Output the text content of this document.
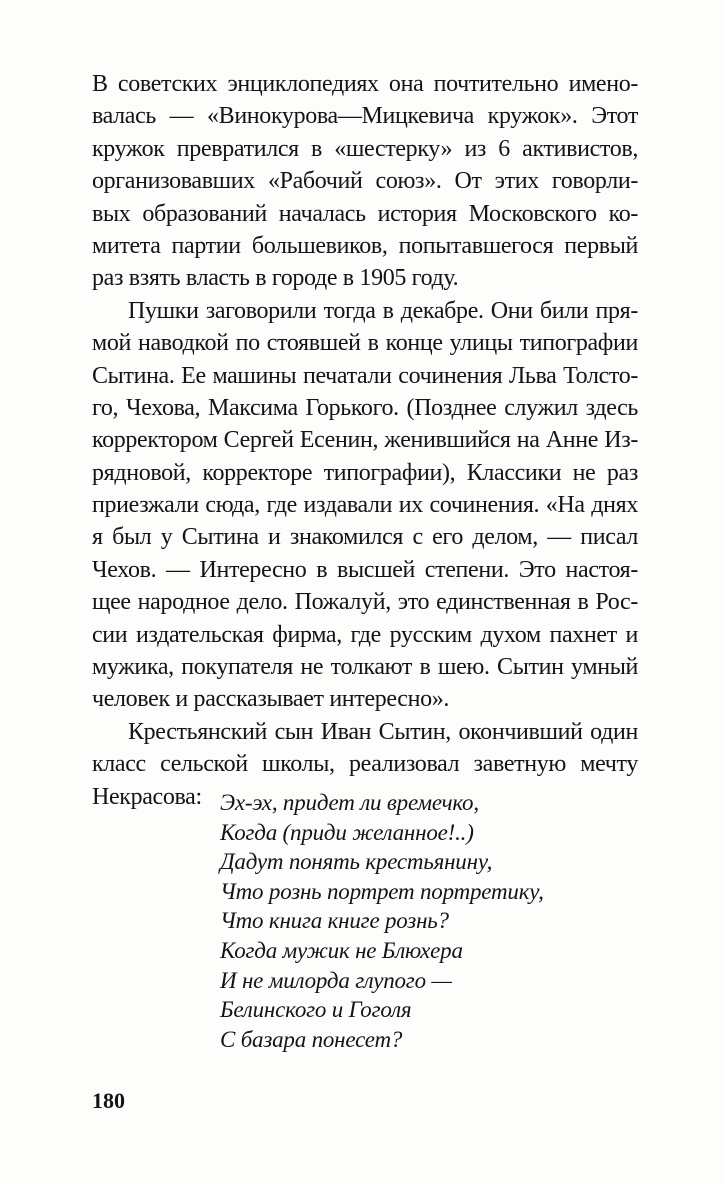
В советских энциклопедиях она почтительно имено-
валась — «Винокурова—Мицкевича кружок». Этот
кружок превратился в «шестерку» из 6 активистов,
организовавших «Рабочий союз». От этих говорли-
вых образований началась история Московского ко-
митета партии большевиков, попытавшегося первый
раз взять власть в городе в 1905 году.
Пушки заговорили тогда в декабре. Они били пря-
мой наводкой по стоявшей в конце улицы типографии
Сытина. Ее машины печатали сочинения Льва Толсто-
го, Чехова, Максима Горького. (Позднее служил здесь
корректором Сергей Есенин, женившийся на Анне Из-
рядновой, корректоре типографии), Классики не раз
приезжали сюда, где издавали их сочинения. «На днях
я был у Сытина и знакомился с его делом, — писал
Чехов. — Интересно в высшей степени. Это настоя-
щее народное дело. Пожалуй, это единственная в Рос-
сии издательская фирма, где русским духом пахнет и
мужика, покупателя не толкают в шею. Сытин умный
человек и рассказывает интересно».
Крестьянский сын Иван Сытин, окончивший один
класс сельской школы, реализовал заветную мечту
Некрасова: Эх-эх, придет ли времечко,
Когда (приди желанное!..)
Дадут понять крестьянину,
Что рознь портрет портретику,
Что книга книге рознь?
Когда мужик не Блюхера
И не милорда глупого —
Белинского и Гоголя
С базара понесет?
180
